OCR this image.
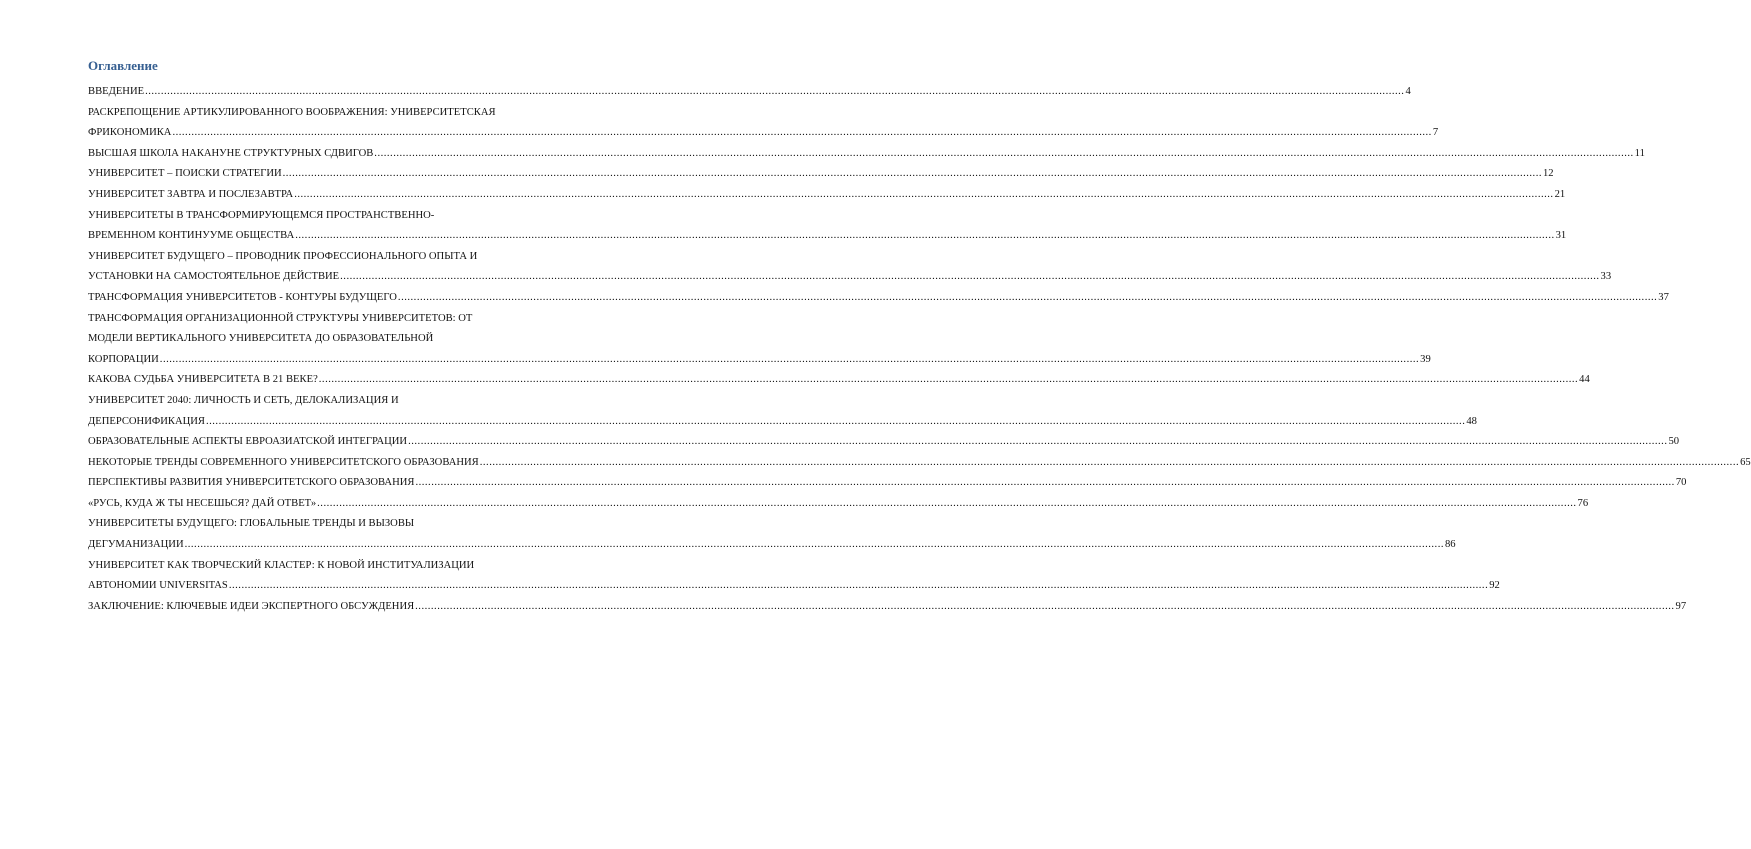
Оглавление
ВВЕДЕНИЕ ................................................................................................................................................................................................................................................................................................................................................................................................................ 4
РАСКРЕПОЩЕНИЕ АРТИКУЛИРОВАННОГО ВООБРАЖЕНИЯ: УНИВЕРСИТЕТСКАЯ
ФРИКОНОМИКА ................................................................................................................................................................................................................................................................................................................................................................................................................ 7
ВЫСШАЯ ШКОЛА НАКАНУНЕ СТРУКТУРНЫХ СДВИГОВ ................................................................................................................................................................................................................................................................................................................................................................................................................ 11
УНИВЕРСИТЕТ – ПОИСКИ СТРАТЕГИИ ................................................................................................................................................................................................................................................................................................................................................................................................................ 12
УНИВЕРСИТЕТ ЗАВТРА И ПОСЛЕЗАВТРА ................................................................................................................................................................................................................................................................................................................................................................................................................ 21
УНИВЕРСИТЕТЫ В ТРАНСФОРМИРУЮЩЕМСЯ ПРОСТРАНСТВЕННО-
ВРЕМЕННОМ КОНТИНУУМЕ ОБЩЕСТВА ................................................................................................................................................................................................................................................................................................................................................................................................................ 31
УНИВЕРСИТЕТ БУДУЩЕГО – ПРОВОДНИК ПРОФЕССИОНАЛЬНОГО ОПЫТА И
УСТАНОВКИ НА САМОСТОЯТЕЛЬНОЕ ДЕЙСТВИЕ ................................................................................................................................................................................................................................................................................................................................................................................................................ 33
ТРАНСФОРМАЦИЯ УНИВЕРСИТЕТОВ - КОНТУРЫ БУДУЩЕГО ................................................................................................................................................................................................................................................................................................................................................................................................................ 37
ТРАНСФОРМАЦИЯ ОРГАНИЗАЦИОННОЙ СТРУКТУРЫ УНИВЕРСИТЕТОВ: ОТ
МОДЕЛИ ВЕРТИКАЛЬНОГО УНИВЕРСИТЕТА ДО ОБРАЗОВАТЕЛЬНОЙ
КОРПОРАЦИИ ................................................................................................................................................................................................................................................................................................................................................................................................................ 39
КАКОВА СУДЬБА УНИВЕРСИТЕТА В 21 ВЕКЕ? ................................................................................................................................................................................................................................................................................................................................................................................................................ 44
УНИВЕРСИТЕТ 2040: ЛИЧНОСТЬ И СЕТЬ, ДЕЛОКАЛИЗАЦИЯ И
ДЕПЕРСОНИФИКАЦИЯ ................................................................................................................................................................................................................................................................................................................................................................................................................ 48
ОБРАЗОВАТЕЛЬНЫЕ АСПЕКТЫ ЕВРОАЗИАТСКОЙ ИНТЕГРАЦИИ ................................................................................................................................................................................................................................................................................................................................................................................................................ 50
НЕКОТОРЫЕ ТРЕНДЫ СОВРЕМЕННОГО УНИВЕРСИТЕТСКОГО ОБРАЗОВАНИЯ ................................................................................................................................................................................................................................................................................................................................................................................................................ 65
ПЕРСПЕКТИВЫ РАЗВИТИЯ УНИВЕРСИТЕТСКОГО ОБРАЗОВАНИЯ ................................................................................................................................................................................................................................................................................................................................................................................................................ 70
«РУСЬ, КУДА Ж ТЫ НЕСЕШЬСЯ? ДАЙ ОТВЕТ» ................................................................................................................................................................................................................................................................................................................................................................................................................ 76
УНИВЕРСИТЕТЫ БУДУЩЕГО: ГЛОБАЛЬНЫЕ ТРЕНДЫ И ВЫЗОВЫ
ДЕГУМАНИЗАЦИИ ................................................................................................................................................................................................................................................................................................................................................................................................................ 86
УНИВЕРСИТЕТ КАК ТВОРЧЕСКИЙ КЛАСТЕР: К НОВОЙ ИНСТИТУАЛИЗАЦИИ
АВТОНОМИИ UNIVERSITAS ................................................................................................................................................................................................................................................................................................................................................................................................................ 92
ЗАКЛЮЧЕНИЕ: КЛЮЧЕВЫЕ ИДЕИ ЭКСПЕРТНОГО ОБСУЖДЕНИЯ ................................................................................................................................................................................................................................................................................................................................................................................................................ 97
